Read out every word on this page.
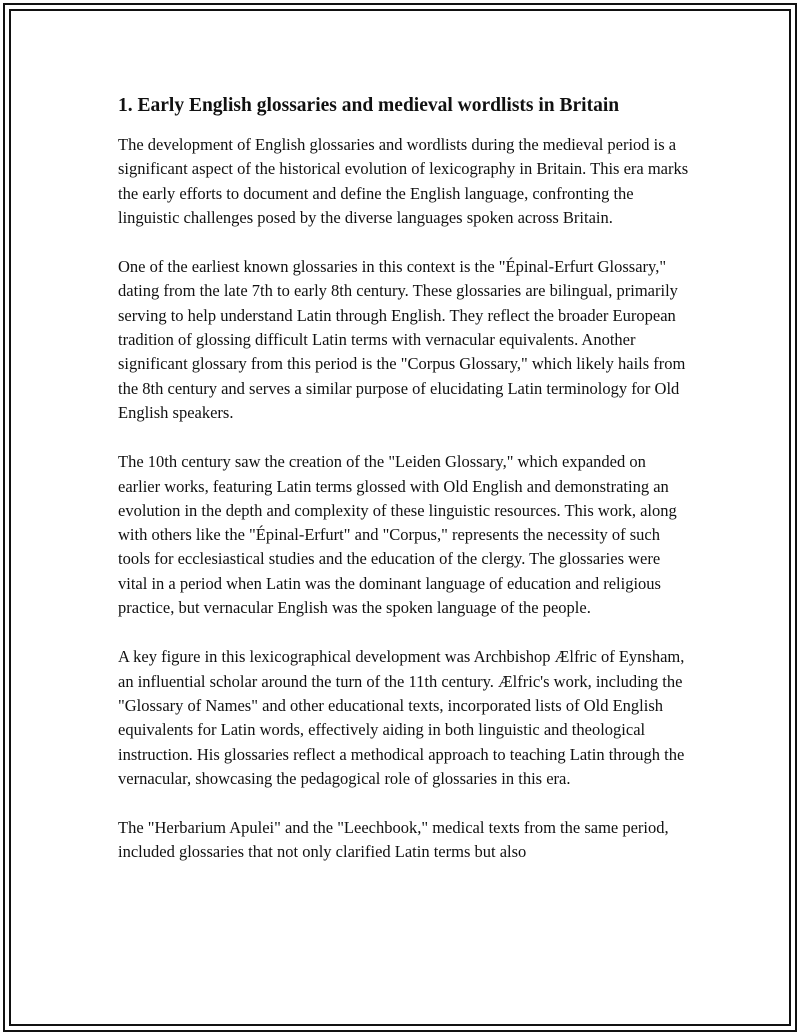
1. Early English glossaries and medieval wordlists in Britain

The development of English glossaries and wordlists during the medieval period is a significant aspect of the historical evolution of lexicography in Britain. This era marks the early efforts to document and define the English language, confronting the linguistic challenges posed by the diverse languages spoken across Britain.

One of the earliest known glossaries in this context is the "Épinal-Erfurt Glossary," dating from the late 7th to early 8th century. These glossaries are bilingual, primarily serving to help understand Latin through English. They reflect the broader European tradition of glossing difficult Latin terms with vernacular equivalents. Another significant glossary from this period is the "Corpus Glossary," which likely hails from the 8th century and serves a similar purpose of elucidating Latin terminology for Old English speakers.

The 10th century saw the creation of the "Leiden Glossary," which expanded on earlier works, featuring Latin terms glossed with Old English and demonstrating an evolution in the depth and complexity of these linguistic resources. This work, along with others like the "Épinal-Erfurt" and "Corpus," represents the necessity of such tools for ecclesiastical studies and the education of the clergy. The glossaries were vital in a period when Latin was the dominant language of education and religious practice, but vernacular English was the spoken language of the people.

A key figure in this lexicographical development was Archbishop Ælfric of Eynsham, an influential scholar around the turn of the 11th century. Ælfric's work, including the "Glossary of Names" and other educational texts, incorporated lists of Old English equivalents for Latin words, effectively aiding in both linguistic and theological instruction. His glossaries reflect a methodical approach to teaching Latin through the vernacular, showcasing the pedagogical role of glossaries in this era.

The "Herbarium Apulei" and the "Leechbook," medical texts from the same period, included glossaries that not only clarified Latin terms but also
